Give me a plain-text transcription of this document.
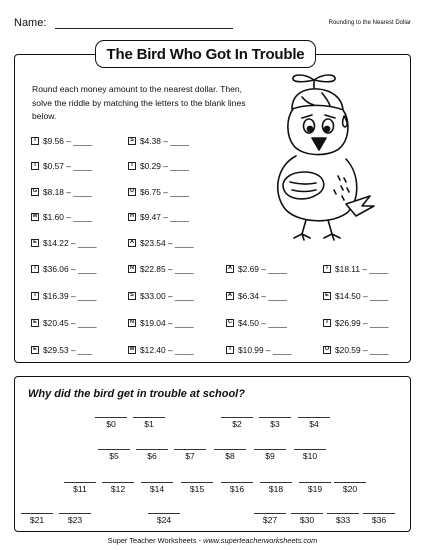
Name:	Rounding to the Nearest Dollar
The Bird Who Got In Trouble
Round each money amount to the nearest dollar. Then, solve the riddle by matching the letters to the blank lines below.
T $9.56 – ____	S $4.38 – ____
T $0.57 – ____	I $0.29 – ____
G $8.18 – ____	U $6.75 – ____
W $1.60 – ____	H $9.47 – ____
E $14.22 – ____	A $23.54 – ____
T $36.06 – ____	N $22.85 – ____	A $2.69 – ____	I $18.11 – ____
T $16.39 – ____	S $33.00 – ____	A $6.34 – ____	E $14.50 – ____
E $20.45 – ____	N $19.04 – ____	C $4.50 – ____	T $26.99 – ____
E $29.53 – ___	W $12.40 – ____	T $10.99 – ____	O $20.59 – ____
Why did the bird get in trouble at school?
$0	$1	$2	$3	$4
$5	$6	$7	$8	$9	$10
$11	$12	$14	$15	$16	$18	$19	$20
$21	$23	$24	$27	$30	$33	$36
Super Teacher Worksheets - www.superteacherworksheets.com
